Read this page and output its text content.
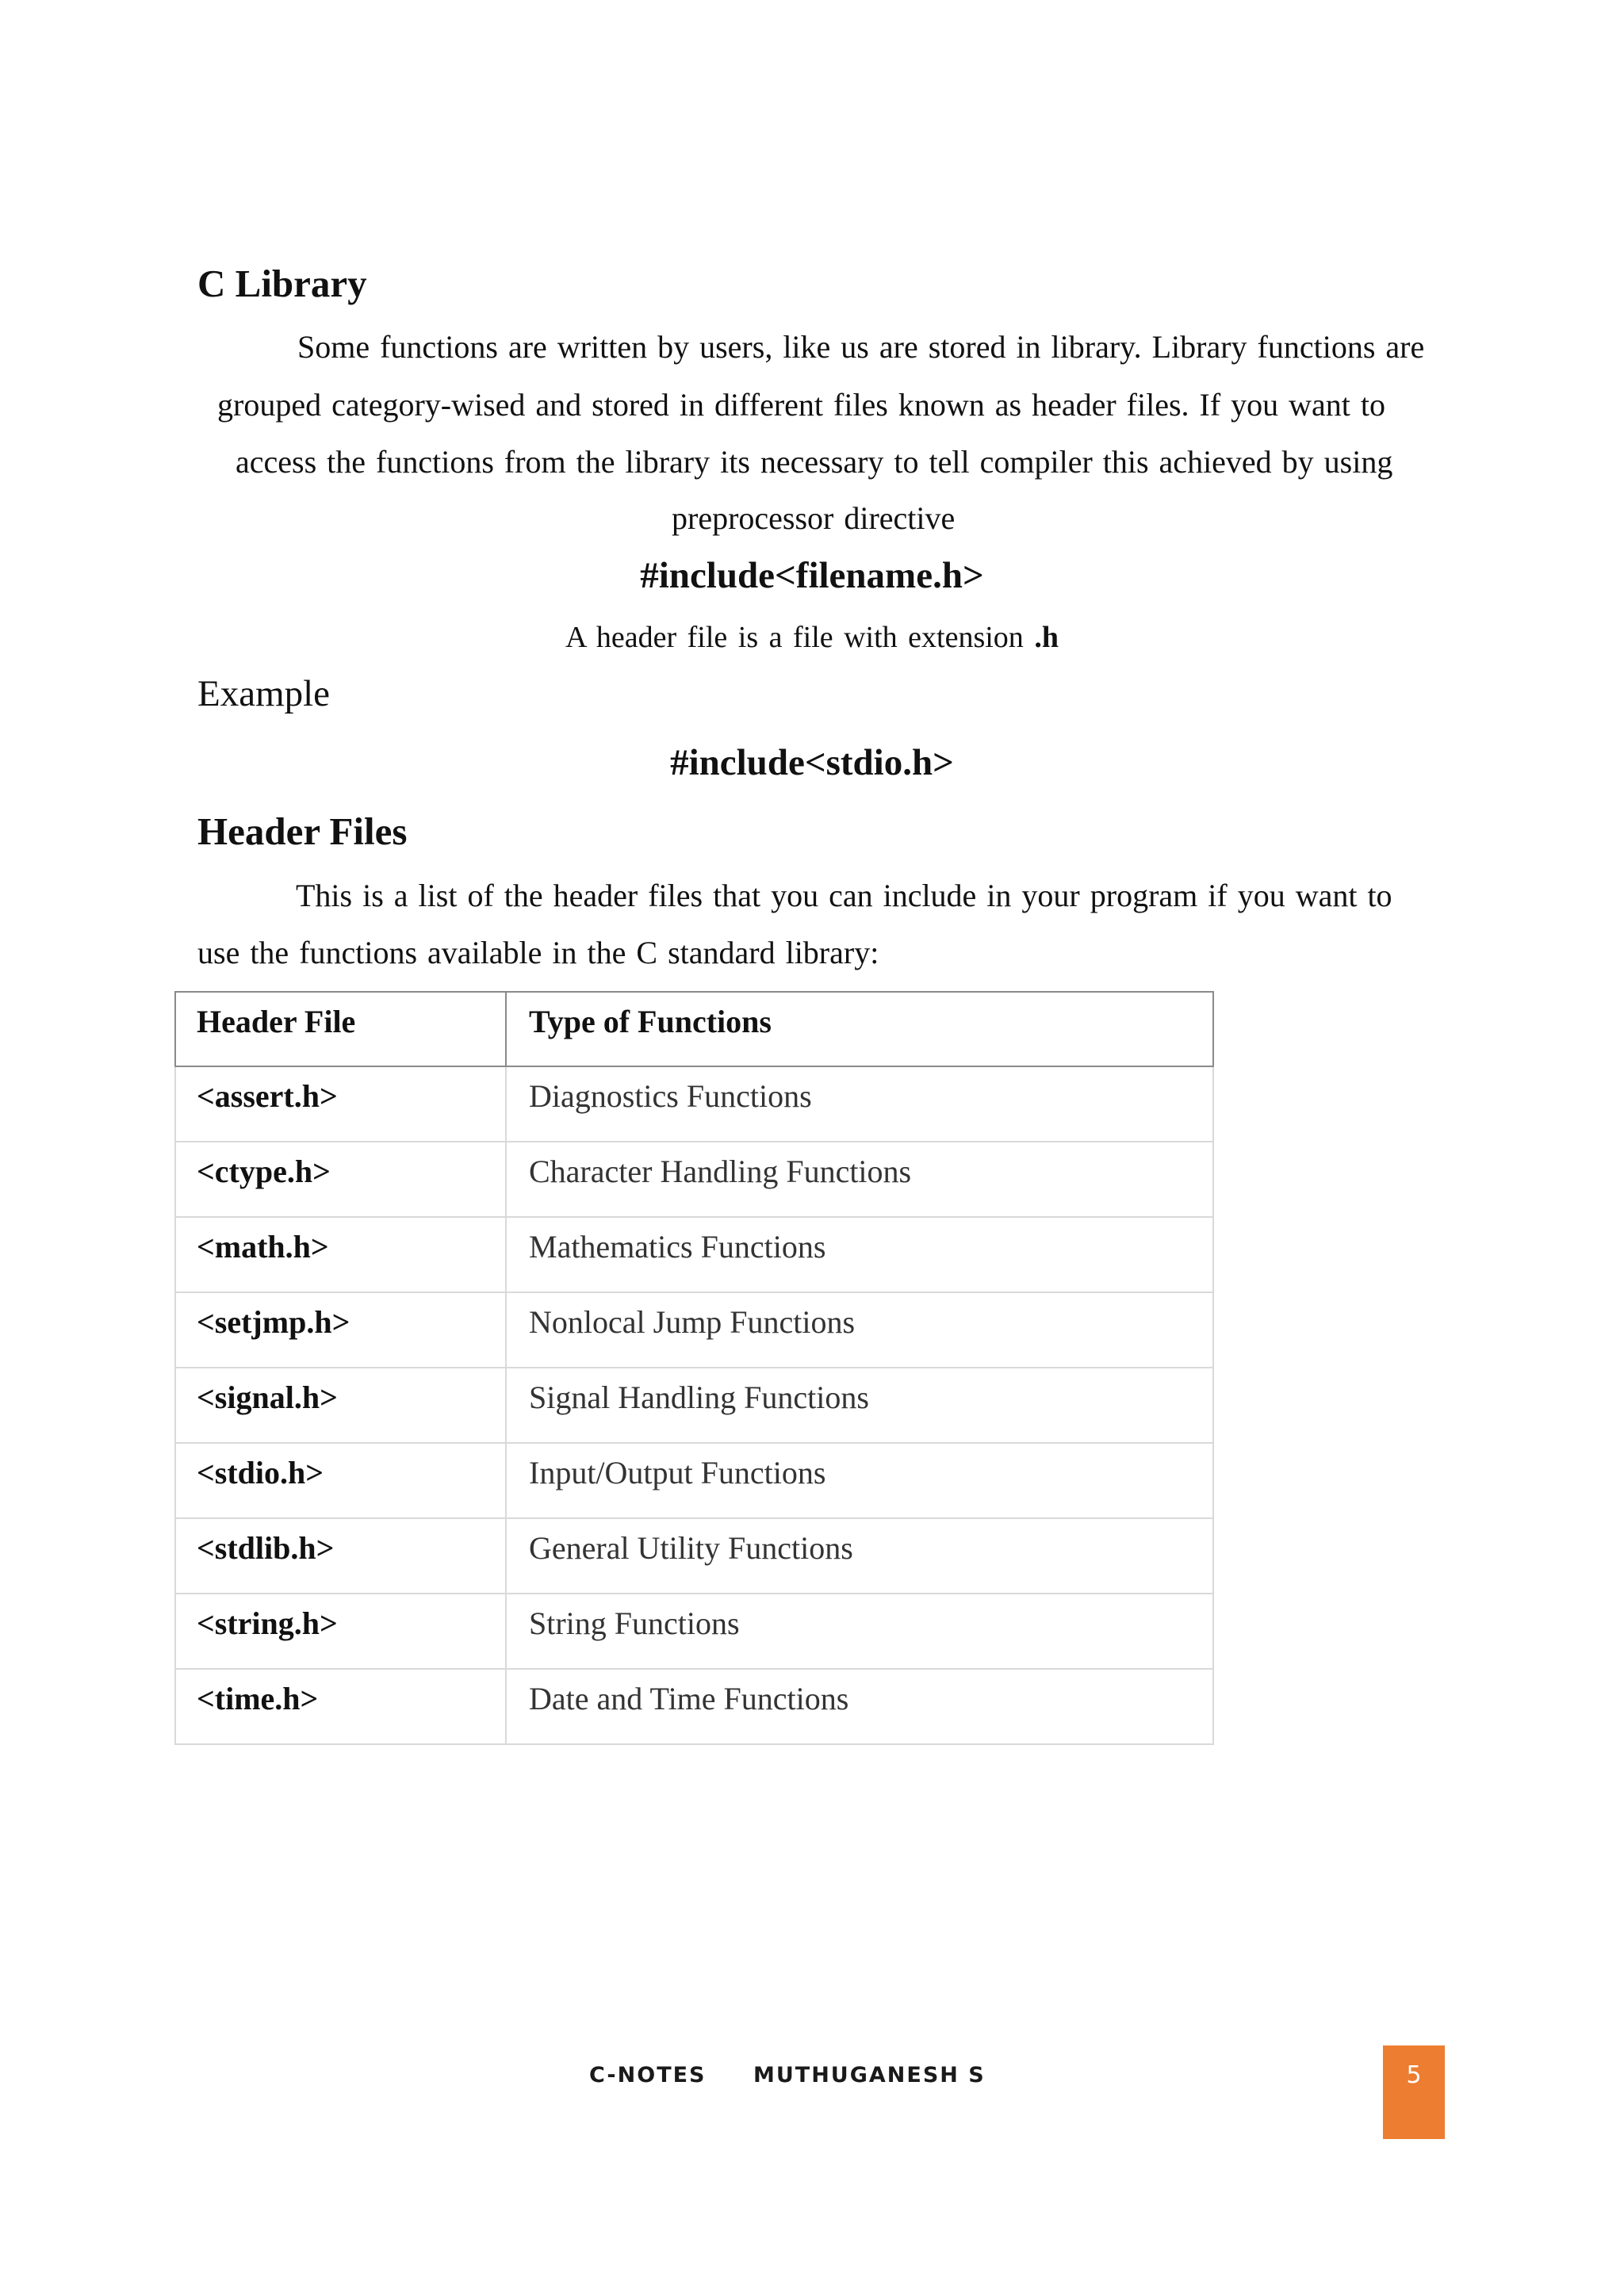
C Library

Some functions are written by users, like us are stored in library. Library functions are

grouped category-wised and stored in different files known as header files. If you want to

access the functions from the library its necessary to tell compiler this achieved by using

preprocessor directive

#include<filename.h>

A header file is a file with extension .h

Example

#include<stdio.h>

Header Files

This is a list of the header files that you can include in your program if you want to

use the functions available in the C standard library:

Header File	Type of Functions

<assert.h>	Diagnostics Functions

<ctype.h>	Character Handling Functions

<math.h>	Mathematics Functions

<setjmp.h>	Nonlocal Jump Functions

<signal.h>	Signal Handling Functions

<stdio.h>	Input/Output Functions

<stdlib.h>	General Utility Functions

<string.h>	String Functions

<time.h>	Date and Time Functions
C-NOTES MUTHUGANESH S	5
